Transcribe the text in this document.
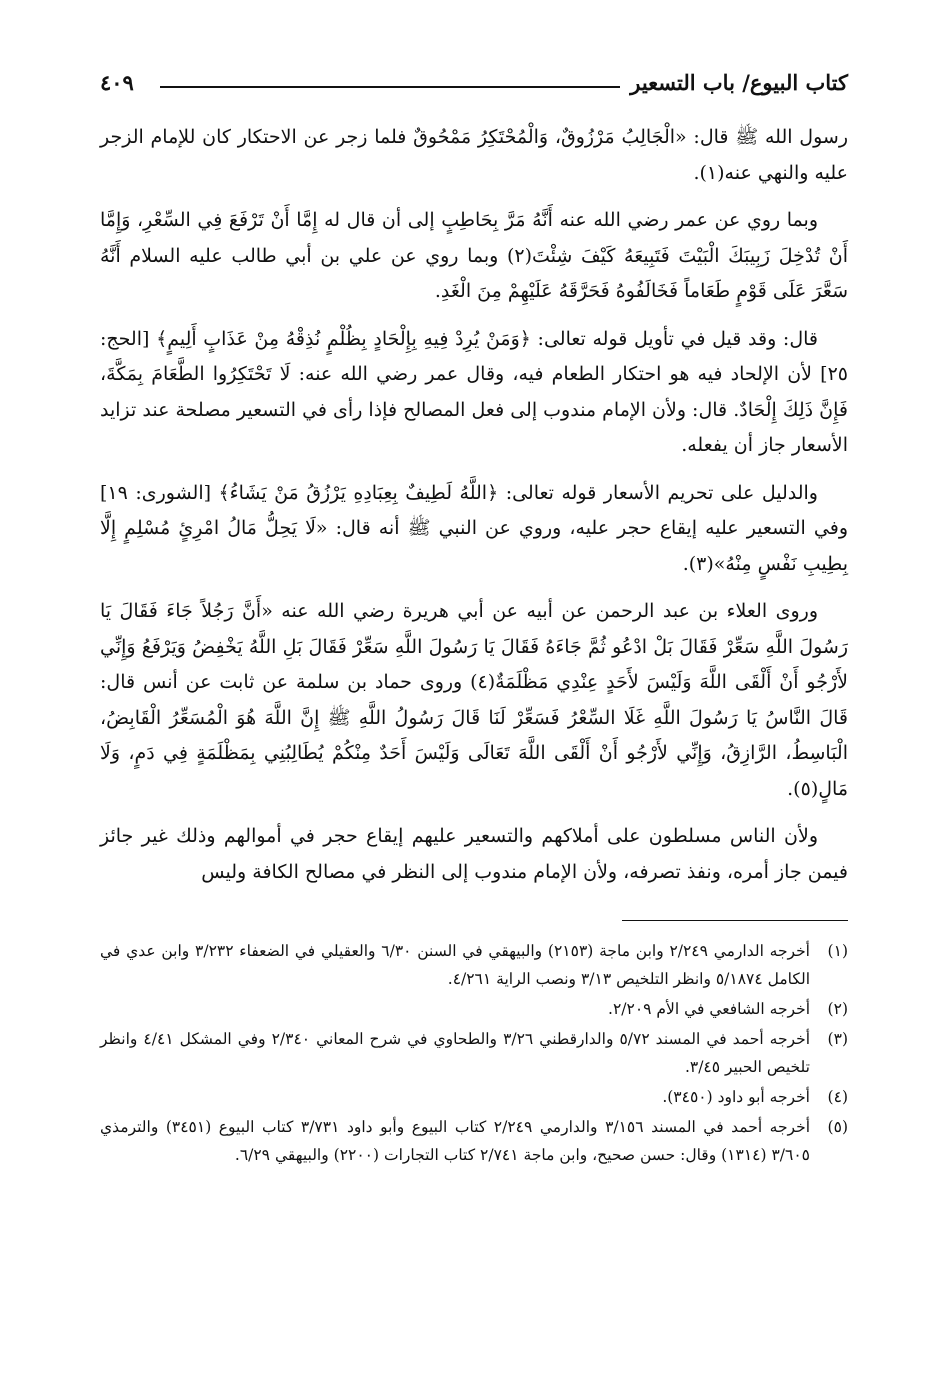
كتاب البيوع/ باب التسعير
٤٠٩

رسول الله ﷺ قال: «الْجَالِبُ مَرْزُوقٌ، وَالْمُحْتَكِرُ مَمْحُوقٌ فلما زجر عن الاحتكار كان للإمام الزجر عليه والنهي عنه(١).

وبما روي عن عمر رضي الله عنه أَنَّهُ مَرَّ بِحَاطِبٍ إلى أن قال له إِمَّا أَنْ تَرْفَعَ فِي السِّعْرِ، وَإِمَّا أَنْ تُدْخِلَ زَبِيبَكَ الْبَيْتَ فَتَبِيعَهُ كَيْفَ شِئْتَ(٢) وبما روي عن علي بن أبي طالب عليه السلام أَنَّهُ سَعَّرَ عَلَى قَوْمٍ طَعَاماً فَخَالَفُوهُ فَحَرَّقَهُ عَلَيْهِمْ مِنَ الْغَدِ.

قال: وقد قيل في تأويل قوله تعالى: ﴿وَمَنْ يُرِدْ فِيهِ بِإِلْحَادٍ بِظُلْمٍ نُذِقْهُ مِنْ عَذَابٍ أَلِيمٍ﴾ [الحج: ٢٥] لأن الإلحاد فيه هو احتكار الطعام فيه، وقال عمر رضي الله عنه: لَا تَحْتَكِرُوا الطَّعَامَ بِمَكَّةَ، فَإِنَّ ذَلِكَ إِلْحَادٌ. قال: ولأن الإمام مندوب إلى فعل المصالح فإذا رأى في التسعير مصلحة عند تزايد الأسعار جاز أن يفعله.

والدليل على تحريم الأسعار قوله تعالى: ﴿اللَّهُ لَطِيفٌ بِعِبَادِهِ يَرْزُقُ مَنْ يَشَاءُ﴾ [الشورى: ١٩] وفي التسعير عليه إيقاع حجر عليه، وروي عن النبي ﷺ أنه قال: «لَا يَحِلُّ مَالُ امْرِئٍ مُسْلِمٍ إِلَّا بِطِيبِ نَفْسٍ مِنْهُ»(٣).

وروى العلاء بن عبد الرحمن عن أبيه عن أبي هريرة رضي الله عنه «أَنَّ رَجُلاً جَاءَ فَقَالَ يَا رَسُولَ اللَّهِ سَعِّرْ فَقَالَ بَلْ ادْعُو ثُمَّ جَاءَهُ فَقَالَ يَا رَسُولَ اللَّهِ سَعِّرْ فَقَالَ بَلِ اللَّهُ يَخْفِضُ وَيَرْفَعُ وَإِنِّي لأَرْجُو أَنْ أَلْقَى اللَّهَ وَلَيْسَ لأَحَدٍ عِنْدِي مَظْلَمَةٌ(٤) وروى حماد بن سلمة عن ثابت عن أنس قال: قَالَ النَّاسُ يَا رَسُولَ اللَّهِ غَلَا السِّعْرُ فَسَعِّرْ لَنَا قَالَ رَسُولُ اللَّهِ ﷺ إِنَّ اللَّهَ هُوَ الْمُسَعِّرُ الْقَابِضُ، الْبَاسِطُ، الرَّازِقُ، وَإِنِّي لأَرْجُو أَنْ أَلْقَى اللَّهَ تَعَالَى وَلَيْسَ أَحَدٌ مِنْكُمْ يُطَالِبُنِي بِمَظْلَمَةٍ فِي دَمٍ، وَلَا مَالٍ(٥).

ولأن الناس مسلطون على أملاكهم والتسعير عليهم إيقاع حجر في أموالهم وذلك غير جائز فيمن جاز أمره، ونفذ تصرفه، ولأن الإمام مندوب إلى النظر في مصالح الكافة وليس

(١)
أخرجه الدارمي ٢/٢٤٩ وابن ماجة (٢١٥٣) والبيهقي في السنن ٦/٣٠ والعقيلي في الضعفاء ٣/٢٣٢ وابن عدي في الكامل ٥/١٨٧٤ وانظر التلخيص ٣/١٣ ونصب الراية ٤/٢٦١.
(٢)
أخرجه الشافعي في الأم ٢/٢٠٩.
(٣)
أخرجه أحمد في المسند ٥/٧٢ والدارقطني ٣/٢٦ والطحاوي في شرح المعاني ٢/٣٤٠ وفي المشكل ٤/٤١ وانظر تلخيص الحبير ٣/٤٥.
(٤)
أخرجه أبو داود (٣٤٥٠).
(٥)
أخرجه أحمد في المسند ٣/١٥٦ والدارمي ٢/٢٤٩ كتاب البيوع وأبو داود ٣/٧٣١ كتاب البيوع (٣٤٥١) والترمذي ٣/٦٠٥ (١٣١٤) وقال: حسن صحيح، وابن ماجة ٢/٧٤١ كتاب التجارات (٢٢٠٠) والبيهقي ٦/٢٩.
